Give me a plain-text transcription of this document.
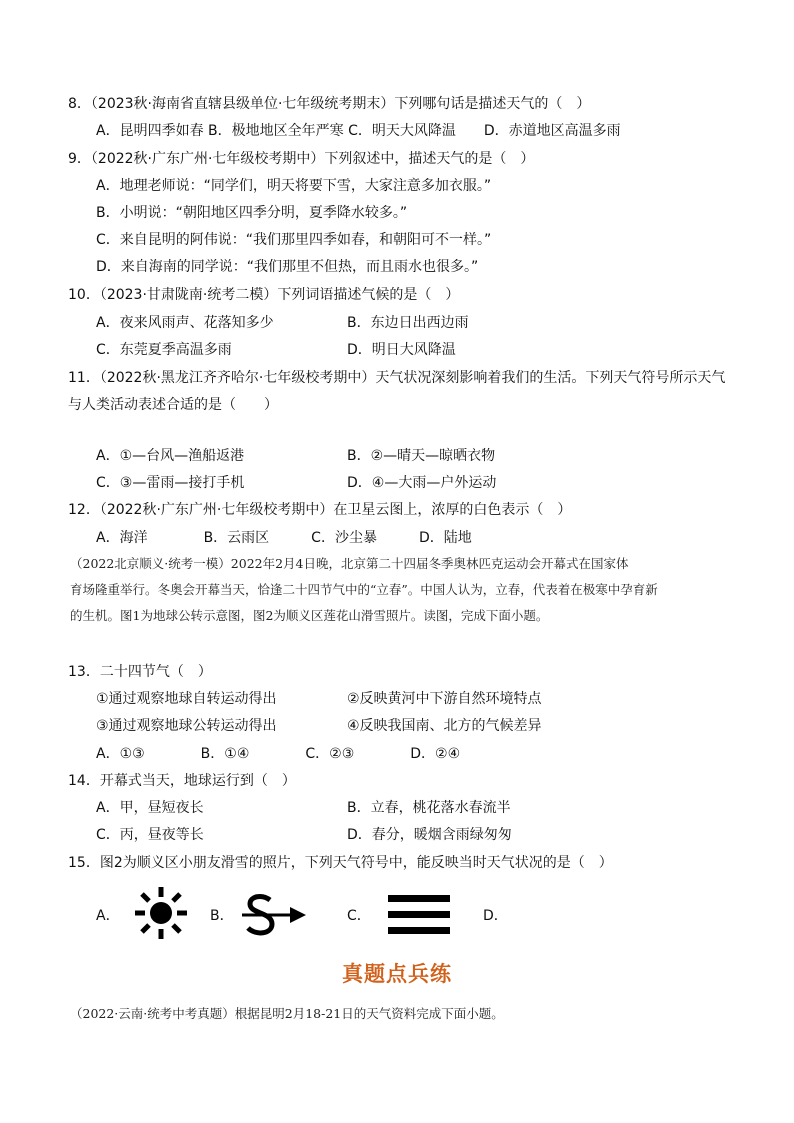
8．（2023秋·海南省直辖县级单位·七年级统考期末）下列哪句话是描述天气的（　）
A．昆明四季如春 B．极地地区全年严寒 C．明天大风降温　　D．赤道地区高温多雨
9．（2022秋·广东广州·七年级校考期中）下列叙述中，描述天气的是（　）
A．地理老师说：“同学们，明天将要下雪，大家注意多加衣服。”
B．小明说：“朝阳地区四季分明，夏季降水较多。”
C．来自昆明的阿伟说：“我们那里四季如春，和朝阳可不一样。”
D．来自海南的同学说：“我们那里不但热，而且雨水也很多。”
10．（2023·甘肃陇南·统考二模）下列词语描述气候的是（　）
A．夜来风雨声、花落知多少	B．东边日出西边雨
C．东莞夏季高温多雨	D．明日大风降温
11．（2022秋·黑龙江齐齐哈尔·七年级校考期中）天气状况深刻影响着我们的生活。下列天气符号所示天气
与人类活动表述合适的是（　　）
A．①—台风—渔船返港	B．②—晴天—晾晒衣物
C．③—雷雨—接打手机	D．④—大雨—户外运动
12．（2022秋·广东广州·七年级校考期中）在卫星云图上，浓厚的白色表示（　）
A．海洋　　　　B．云雨区　　　C．沙尘暴　　　D．陆地
（2022北京顺义·统考一模）2022年2月4日晚，北京第二十四届冬季奥林匹克运动会开幕式在国家体
育场隆重举行。冬奥会开幕当天，恰逢二十四节气中的“立春”。中国人认为，立春，代表着在极寒中孕育新
的生机。图1为地球公转示意图，图2为顺义区莲花山滑雪照片。读图，完成下面小题。
13．二十四节气（　）
①通过观察地球自转运动得出	②反映黄河中下游自然环境特点
③通过观察地球公转运动得出	④反映我国南、北方的气候差异
A．①③　　　　B．①④　　　　C．②③　　　　D．②④
14．开幕式当天，地球运行到（　）
A．甲，昼短夜长	B．立春，桃花落水春流半
C．丙，昼夜等长	D．春分，暖烟含雨绿匆匆
15．图2为顺义区小朋友滑雪的照片，下列天气符号中，能反映当时天气状况的是（　）
A．	B．	C．	D．
真题点兵练
（2022·云南·统考中考真题）根据昆明2月18-21日的天气资料完成下面小题。
